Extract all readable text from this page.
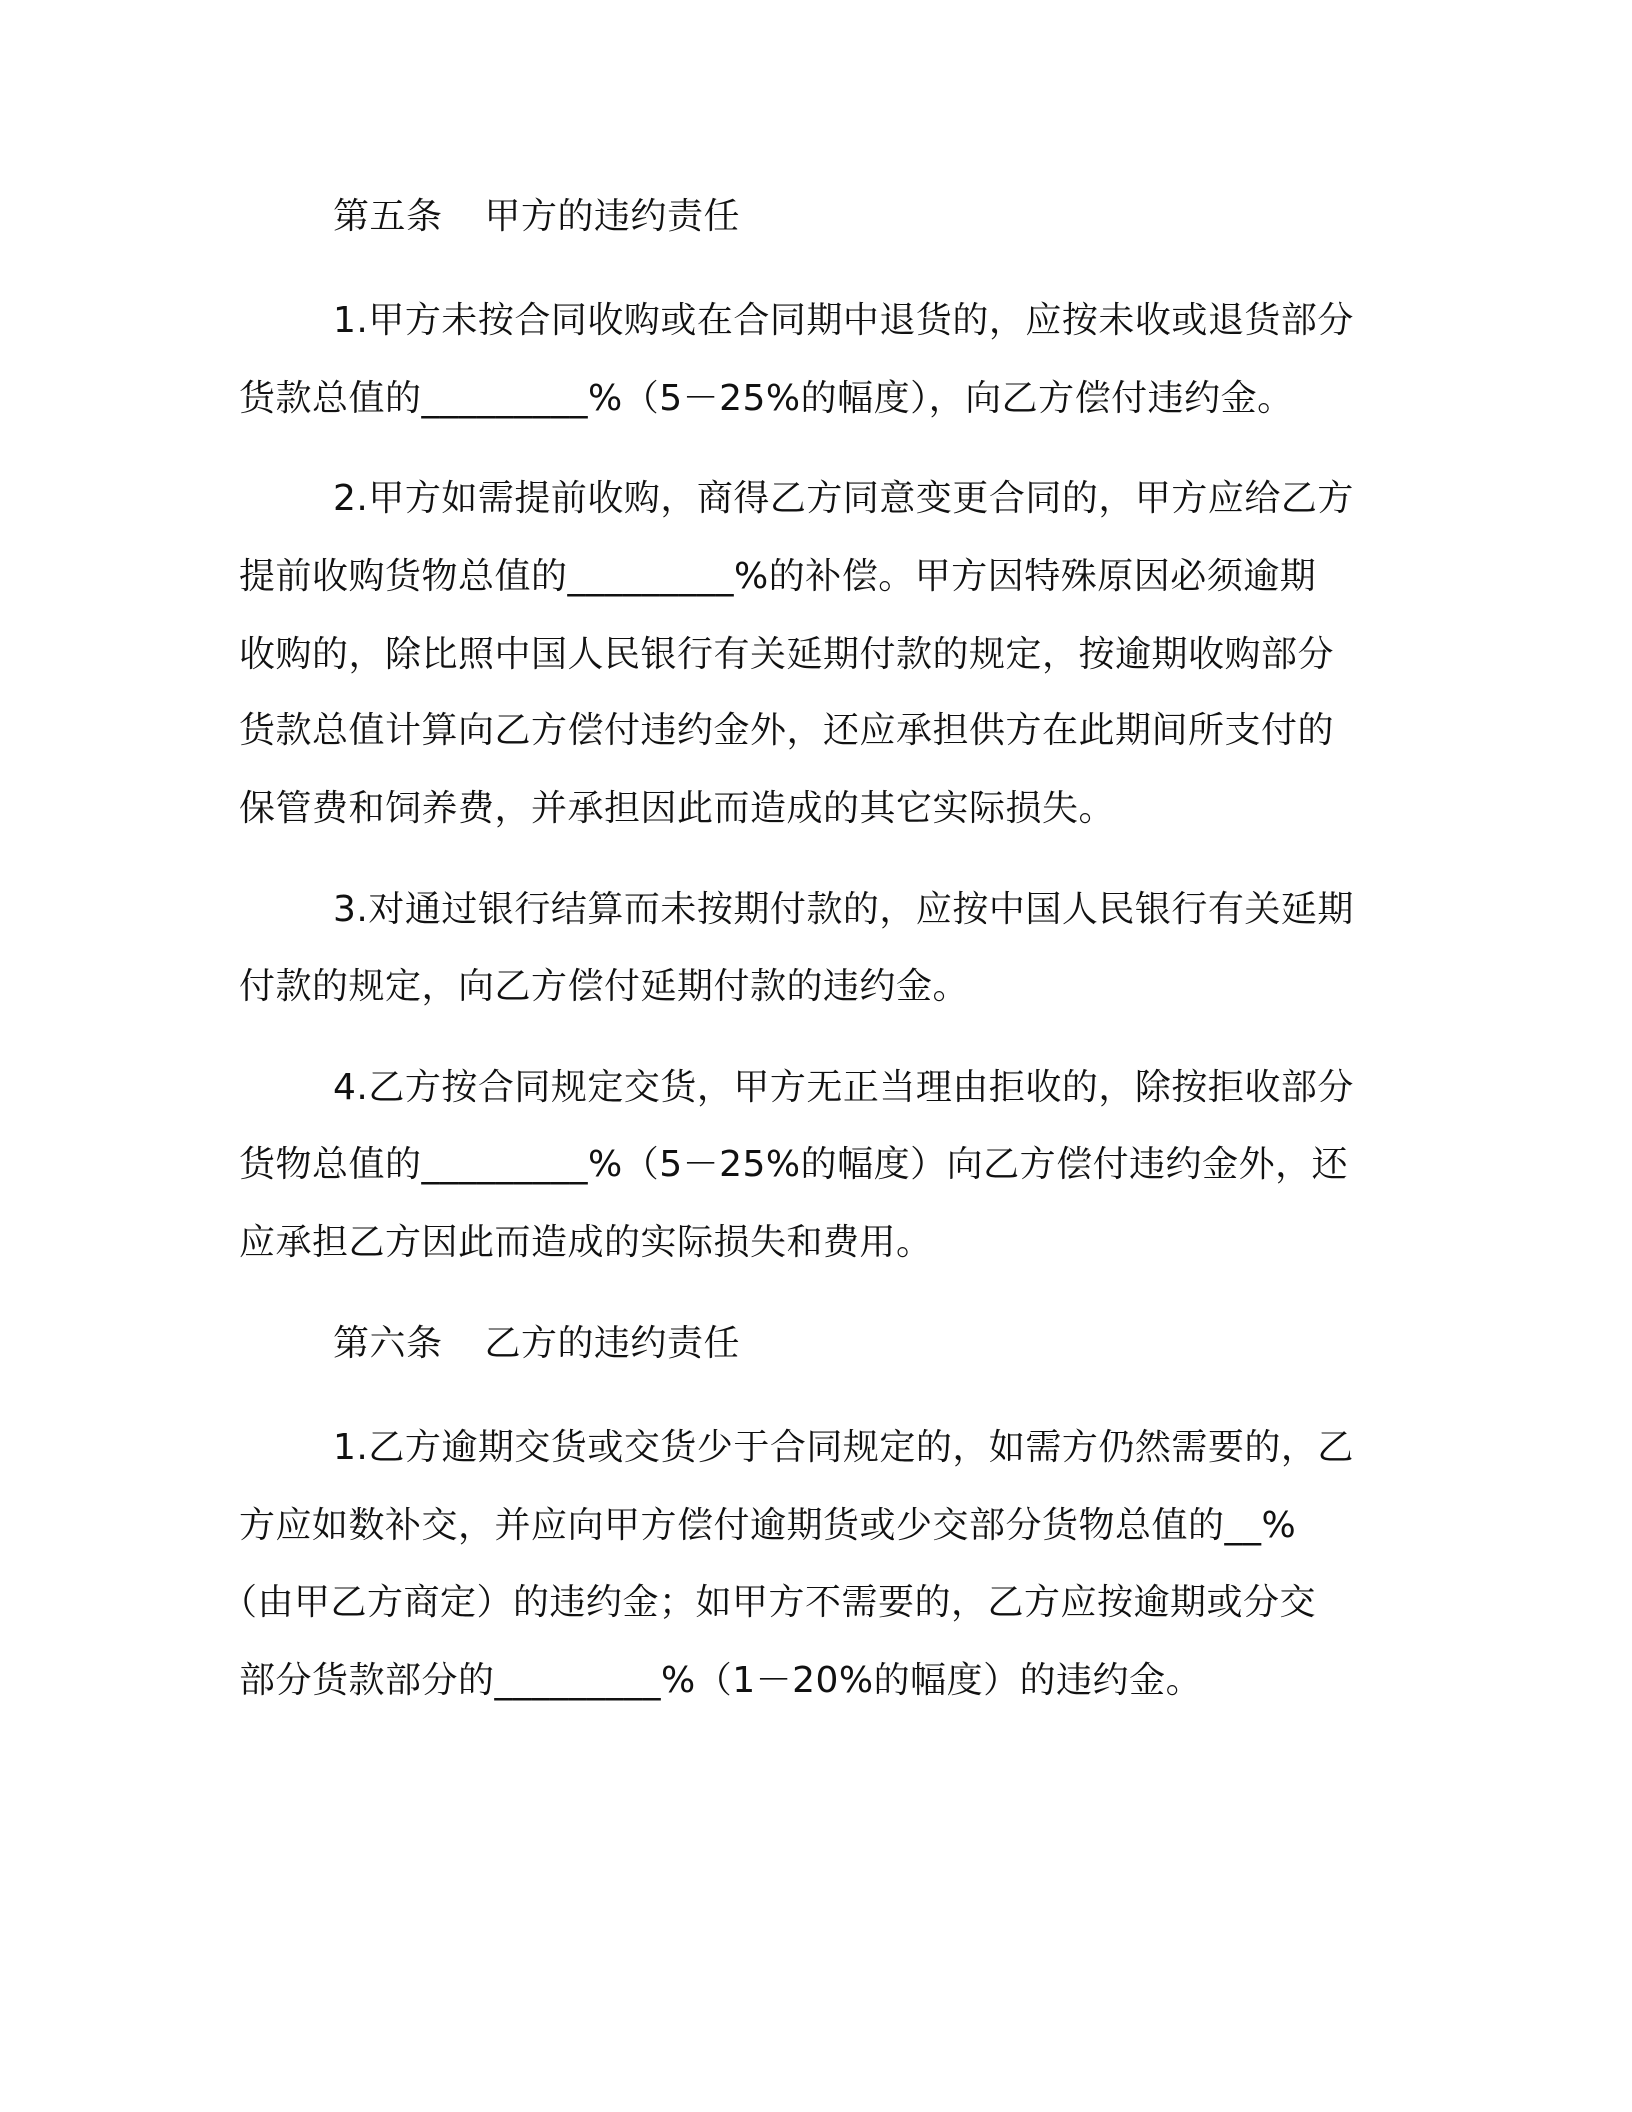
第五条 甲方的违约责任
1.甲方未按合同收购或在合同期中退货的，应按未收或退货部分
货款总值的_________%（5－25%的幅度），向乙方偿付违约金。
2.甲方如需提前收购，商得乙方同意变更合同的，甲方应给乙方
提前收购货物总值的_________%的补偿。甲方因特殊原因必须逾期
收购的，除比照中国人民银行有关延期付款的规定，按逾期收购部分
货款总值计算向乙方偿付违约金外，还应承担供方在此期间所支付的
保管费和饲养费，并承担因此而造成的其它实际损失。
3.对通过银行结算而未按期付款的，应按中国人民银行有关延期
付款的规定，向乙方偿付延期付款的违约金。
4.乙方按合同规定交货，甲方无正当理由拒收的，除按拒收部分
货物总值的_________%（5－25%的幅度）向乙方偿付违约金外，还
应承担乙方因此而造成的实际损失和费用。
第六条 乙方的违约责任
1.乙方逾期交货或交货少于合同规定的，如需方仍然需要的，乙
方应如数补交，并应向甲方偿付逾期货或少交部分货物总值的__%
（由甲乙方商定）的违约金；如甲方不需要的，乙方应按逾期或分交
部分货款部分的_________%（1－20%的幅度）的违约金。
